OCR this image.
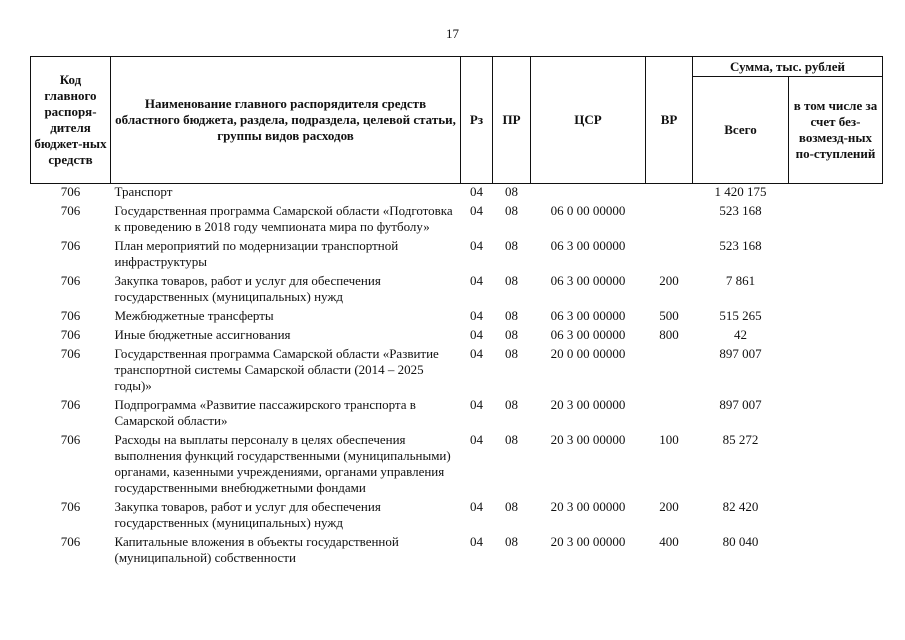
17
Код главного распоря-дителя бюджет-ных средств	Наименование главного распорядителя средств областного бюджета, раздела, подраздела, целевой статьи, группы видов расходов	Рз	ПР	ЦСР	ВР	Сумма, тыс. рублей	
						Всего	в том числе за счет без-возмезд-ных по-ступлений
706	Транспорт	04	08			1 420 175	
706	Государственная программа Самарской области «Подготовка к проведению в 2018 году чемпионата мира по футболу»	04	08	06 0 00 00000		523 168	
706	План мероприятий по модернизации транспортной инфраструктуры	04	08	06 3 00 00000		523 168	
706	Закупка товаров, работ и услуг для обеспечения государственных (муниципальных) нужд	04	08	06 3 00 00000	200	7 861	
706	Межбюджетные трансферты	04	08	06 3 00 00000	500	515 265	
706	Иные бюджетные ассигнования	04	08	06 3 00 00000	800	42	
706	Государственная программа Самарской области «Развитие транспортной системы Самарской области (2014 – 2025 годы)»	04	08	20 0 00 00000		897 007	
706	Подпрограмма «Развитие пассажирского транспорта в Самарской области»	04	08	20 3 00 00000		897 007	
706	Расходы на выплаты персоналу в целях обеспечения выполнения функций государственными (муниципальными) органами, казенными учреждениями, органами управления государственными внебюджетными фондами	04	08	20 3 00 00000	100	85 272	
706	Закупка товаров, работ и услуг для обеспечения государственных (муниципальных) нужд	04	08	20 3 00 00000	200	82 420	
706	Капитальные вложения в объекты государственной (муниципальной) собственности	04	08	20 3 00 00000	400	80 040	
